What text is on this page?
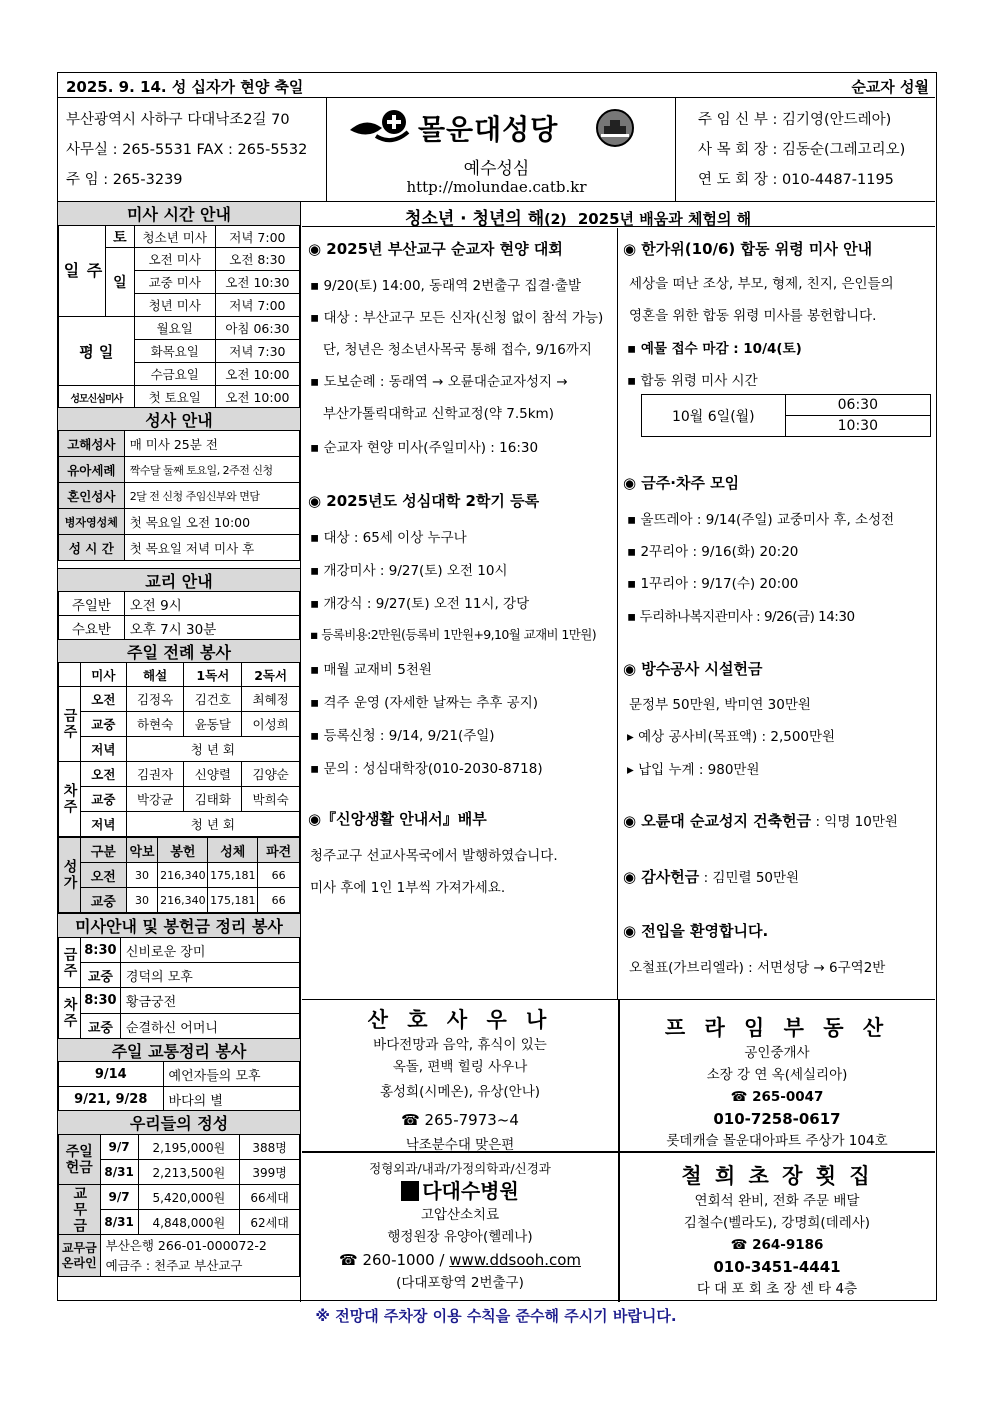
2025. 9. 14. 성 십자가 현양 축일	순교자 성월
부산광역시 사하구 다대낙조2길 70
사무실 : 265-5531 FAX : 265-5532
주 임 : 265-3239
몰운대성당
예수성심
http://molundae.catb.kr
주 임 신 부 : 김기영(안드레아)
사 목 회 장 : 김동순(그레고리오)
연 도 회 장 : 010-4487-1195
미사 시간 안내
주
일	토	청소년 미사	저녁 7:00
	일	오전 미사	오전 8:30
		교중 미사	오전 10:30
		청년 미사	저녁 7:00
평 일		월요일	아침 06:30
		화목요일	저녁 7:30
		수금요일	오전 10:00
성모신심미사		첫 토요일	오전 10:00
성사 안내
고해성사	매 미사 25분 전
유아세례	짝수달 둘째 토요일, 2주전 신청
혼인성사	2달 전 신청 주임신부와 면담
병자영성체	첫 목요일 오전 10:00
성 시 간	첫 목요일 저녁 미사 후
교리 안내
주일반	오전 9시
수요반	오후 7시 30분
주일 전례 봉사
	미사	해설	1독서	2독서
금주	오전	김정옥	김건호	최혜정
	교중	하현숙	윤동달	이성희
	저녁	청 년 회		
차주	오전	김권자	신양렬	김양순
	교중	박강균	김태화	박희숙
	저녁	청 년 회		
성가	구분	악보	봉헌	성체	파견
	오전	30	216,340	175,181	66
	교중	30	216,340	175,181	66
미사안내 및 봉헌금 정리 봉사
금주	8:30	신비로운 장미
	교중	경덕의 모후
차주	8:30	황금궁전
	교중	순결하신 어머니
주일 교통정리 봉사
9/14	예언자들의 모후
9/21, 9/28	바다의 별
우리들의 정성
주일헌금	9/7	2,195,000원	388명
	8/31	2,213,500원	399명
교무금	9/7	5,420,000원	66세대
	8/31	4,848,000원	62세대
교무금온라인	부산은행 266-01-000072-2
예금주 : 천주교 부산교구		
청소년 · 청년의 해(2) 2025년 배움과 체험의 해
◉ 2025년 부산교구 순교자 현양 대회
▪ 9/20(토) 14:00, 동래역 2번출구 집결·출발
▪ 대상 : 부산교구 모든 신자(신청 없이 참석 가능)
단, 청년은 청소년사목국 통해 접수, 9/16까지
▪ 도보순례 : 동래역 → 오륜대순교자성지 →
부산가톨릭대학교 신학교정(약 7.5km)
▪ 순교자 현양 미사(주일미사) : 16:30
◉ 2025년도 성심대학 2학기 등록
▪ 대상 : 65세 이상 누구나
▪ 개강미사 : 9/27(토) 오전 10시
▪ 개강식 : 9/27(토) 오전 11시, 강당
▪ 등록비용:2만원(등록비 1만원+9,10월 교재비 1만원)
▪ 매월 교재비 5천원
▪ 격주 운영 (자세한 날짜는 추후 공지)
▪ 등록신청 : 9/14, 9/21(주일)
▪ 문의 : 성심대학장(010-2030-8718)
◉『신앙생활 안내서』배부
청주교구 선교사목국에서 발행하였습니다.
미사 후에 1인 1부씩 가져가세요.
◉ 한가위(10/6) 합동 위령 미사 안내
세상을 떠난 조상, 부모, 형제, 친지, 은인들의
영혼을 위한 합동 위령 미사를 봉헌합니다.
▪ 예물 접수 마감 : 10/4(토)
▪ 합동 위령 미사 시간
10월 6일(월)	06:30
10:30
◉ 금주·차주 모임
▪ 울뜨레아 : 9/14(주일) 교중미사 후, 소성전
▪ 2꾸리아 : 9/16(화) 20:20
▪ 1꾸리아 : 9/17(수) 20:00
▪ 두리하나복지관미사 : 9/26(금) 14:30
◉ 방수공사 시설헌금
문정부 50만원, 박미연 30만원
▸ 예상 공사비(목표액) : 2,500만원
▸ 납입 누계 : 980만원
◉ 오륜대 순교성지 건축헌금 : 익명 10만원
◉ 감사헌금 : 김민렬 50만원
◉ 전입을 환영합니다.
오철표(가브리엘라) : 서면성당 → 6구역2반
산 호 사 우 나
바다전망과 음악, 휴식이 있는
옥돌, 편백 힐링 사우나
홍성희(시메온), 유상(안나)
☎ 265-7973~4
낙조분수대 맞은편
프 라 임 부 동 산
공인중개사
소장 강 연 옥(세실리아)
☎ 265-0047
010-7258-0617
롯데캐슬 몰운대아파트 주상가 104호
정형외과/내과/가정의학과/신경과
다대수병원
고압산소치료
행정원장 유양아(헬레나)
☎ 260-1000 / www.ddsooh.com
(다대포항역 2번출구)
철 희 초 장 횟 집
연회석 완비, 전화 주문 배달
김철수(벨라도), 강명희(데레사)
☎ 264-9186
010-3451-4441
다 대 포 회 초 장 센 타 4층
※ 전망대 주차장 이용 수칙을 준수해 주시기 바랍니다.
